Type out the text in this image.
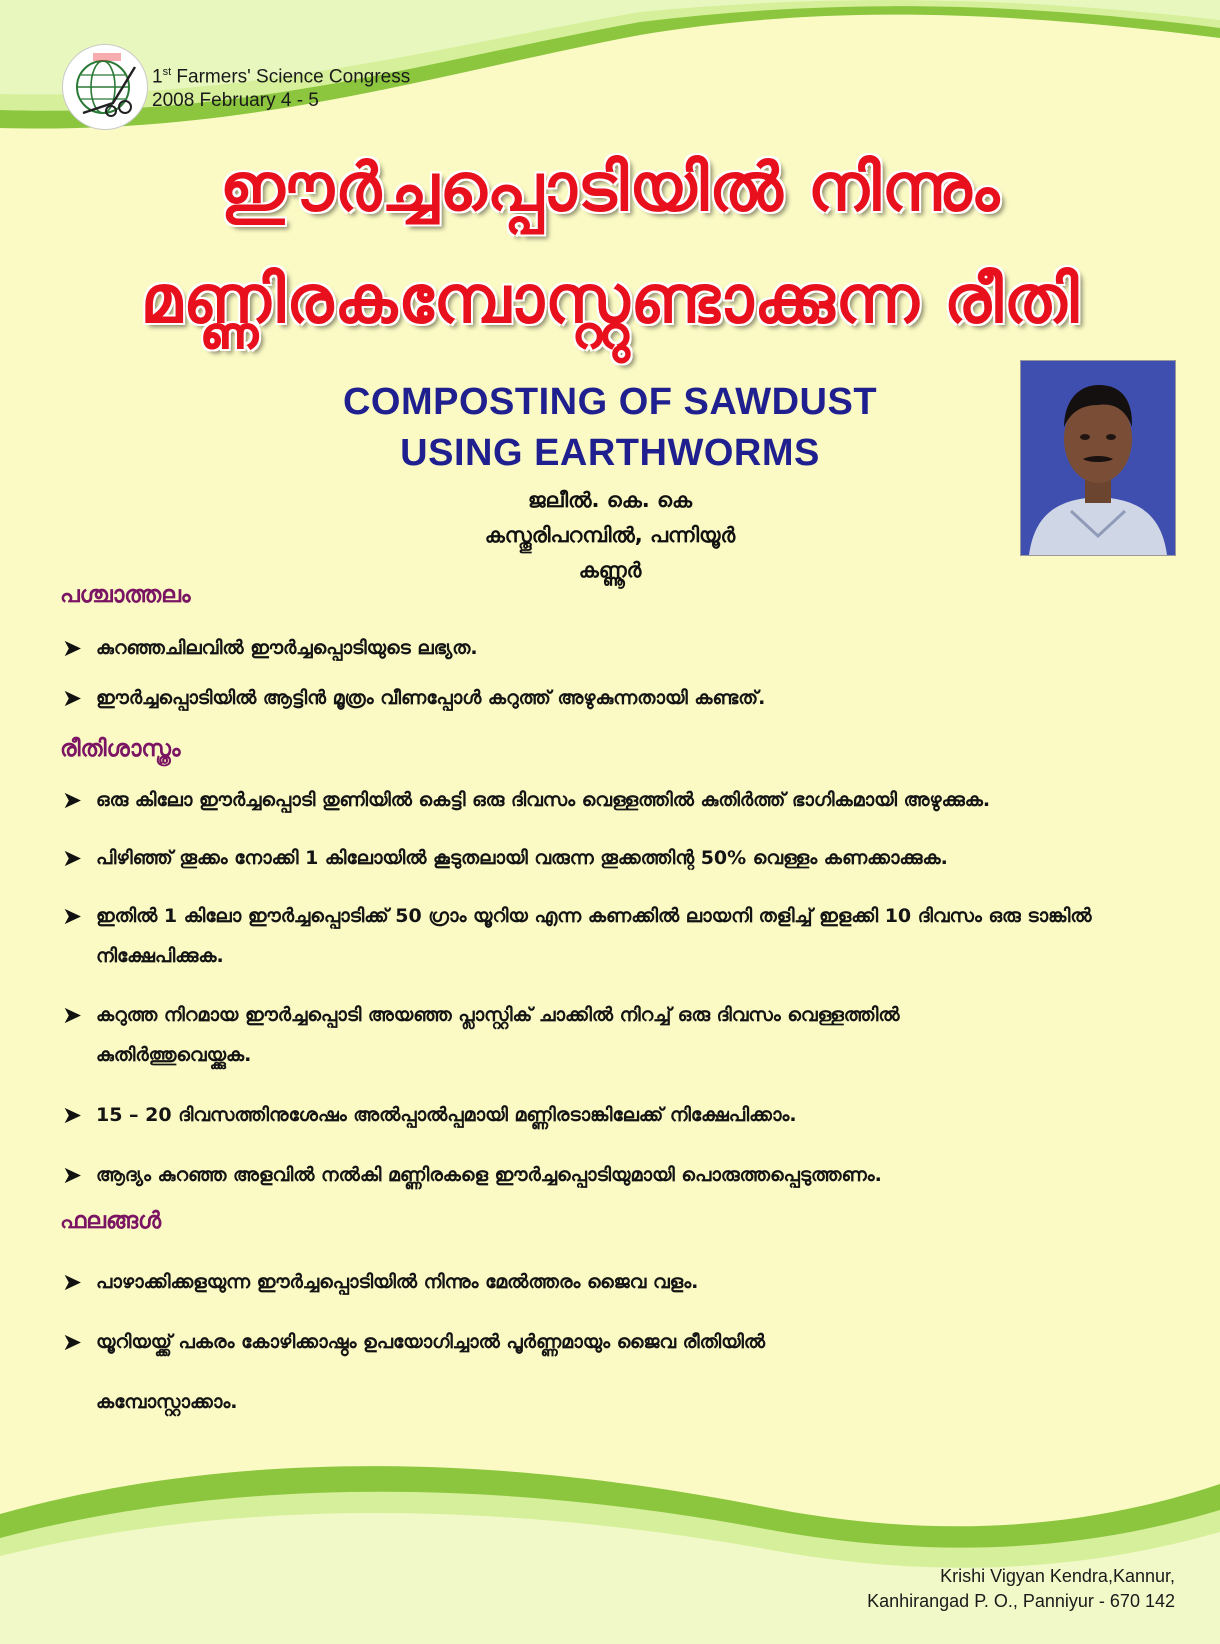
1st Farmers' Science Congress
2008 February 4 - 5
ഈർച്ചപ്പൊടിയിൽ നിന്നും
മണ്ണിരകമ്പോസ്റ്റുണ്ടാക്കുന്ന രീതി
COMPOSTING OF SAWDUST
USING EARTHWORMS
ജലീൽ. കെ. കെ
കസ്തൂരിപറമ്പിൽ, പന്നിയൂർ
കണ്ണൂർ
പശ്ചാത്തലം
➤ കുറഞ്ഞചിലവിൽ ഈർച്ചപ്പൊടിയുടെ ലഭ്യത.
➤ ഈർച്ചപ്പൊടിയിൽ ആട്ടിൻ മൂത്രം വീണപ്പോൾ കറുത്ത് അഴുകുന്നതായി കണ്ടത്.
രീതിശാസ്ത്രം
➤ ഒരു കിലോ ഈർച്ചപ്പൊടി തുണിയിൽ കെട്ടി ഒരു ദിവസം വെള്ളത്തിൽ കുതിർത്ത് ഭാഗികമായി അഴുക്കുക.
➤ പിഴിഞ്ഞ് തൂക്കം നോക്കി 1 കിലോയിൽ കൂടുതലായി വരുന്ന തൂക്കത്തിന്റ 50% വെള്ളം കണക്കാക്കുക.
➤ ഇതിൽ 1 കിലോ ഈർച്ചപ്പൊടിക്ക് 50 ഗ്രാം യൂറിയ എന്ന കണക്കിൽ ലായനി തളിച്ച് ഇളക്കി 10 ദിവസം ഒരു ടാങ്കിൽ നിക്ഷേപിക്കുക.
➤ കറുത്ത നിറമായ ഈർച്ചപ്പൊടി അയഞ്ഞ പ്ലാസ്റ്റിക് ചാക്കിൽ നിറച്ച് ഒരു ദിവസം വെള്ളത്തിൽ കുതിർത്തുവെയ്ക്കുക.
➤ 15 – 20 ദിവസത്തിനുശേഷം അൽപ്പാൽപ്പമായി മണ്ണിരടാങ്കിലേക്ക് നിക്ഷേപിക്കാം.
➤ ആദ്യം കുറഞ്ഞ അളവിൽ നൽകി മണ്ണിരകളെ ഈർച്ചപ്പൊടിയുമായി പൊരുത്തപ്പെടുത്തണം.
ഫലങ്ങൾ
➤ പാഴാക്കിക്കളയുന്ന ഈർച്ചപ്പൊടിയിൽ നിന്നും മേൽത്തരം ജൈവ വളം.
➤ യൂറിയയ്ക്ക് പകരം കോഴിക്കാഷ്ഠം ഉപയോഗിച്ചാൽ പൂർണ്ണമായും ജൈവ രീതിയിൽ
കമ്പോസ്റ്റാക്കാം.
Krishi Vigyan Kendra,Kannur,
Kanhirangad P. O., Panniyur - 670 142
